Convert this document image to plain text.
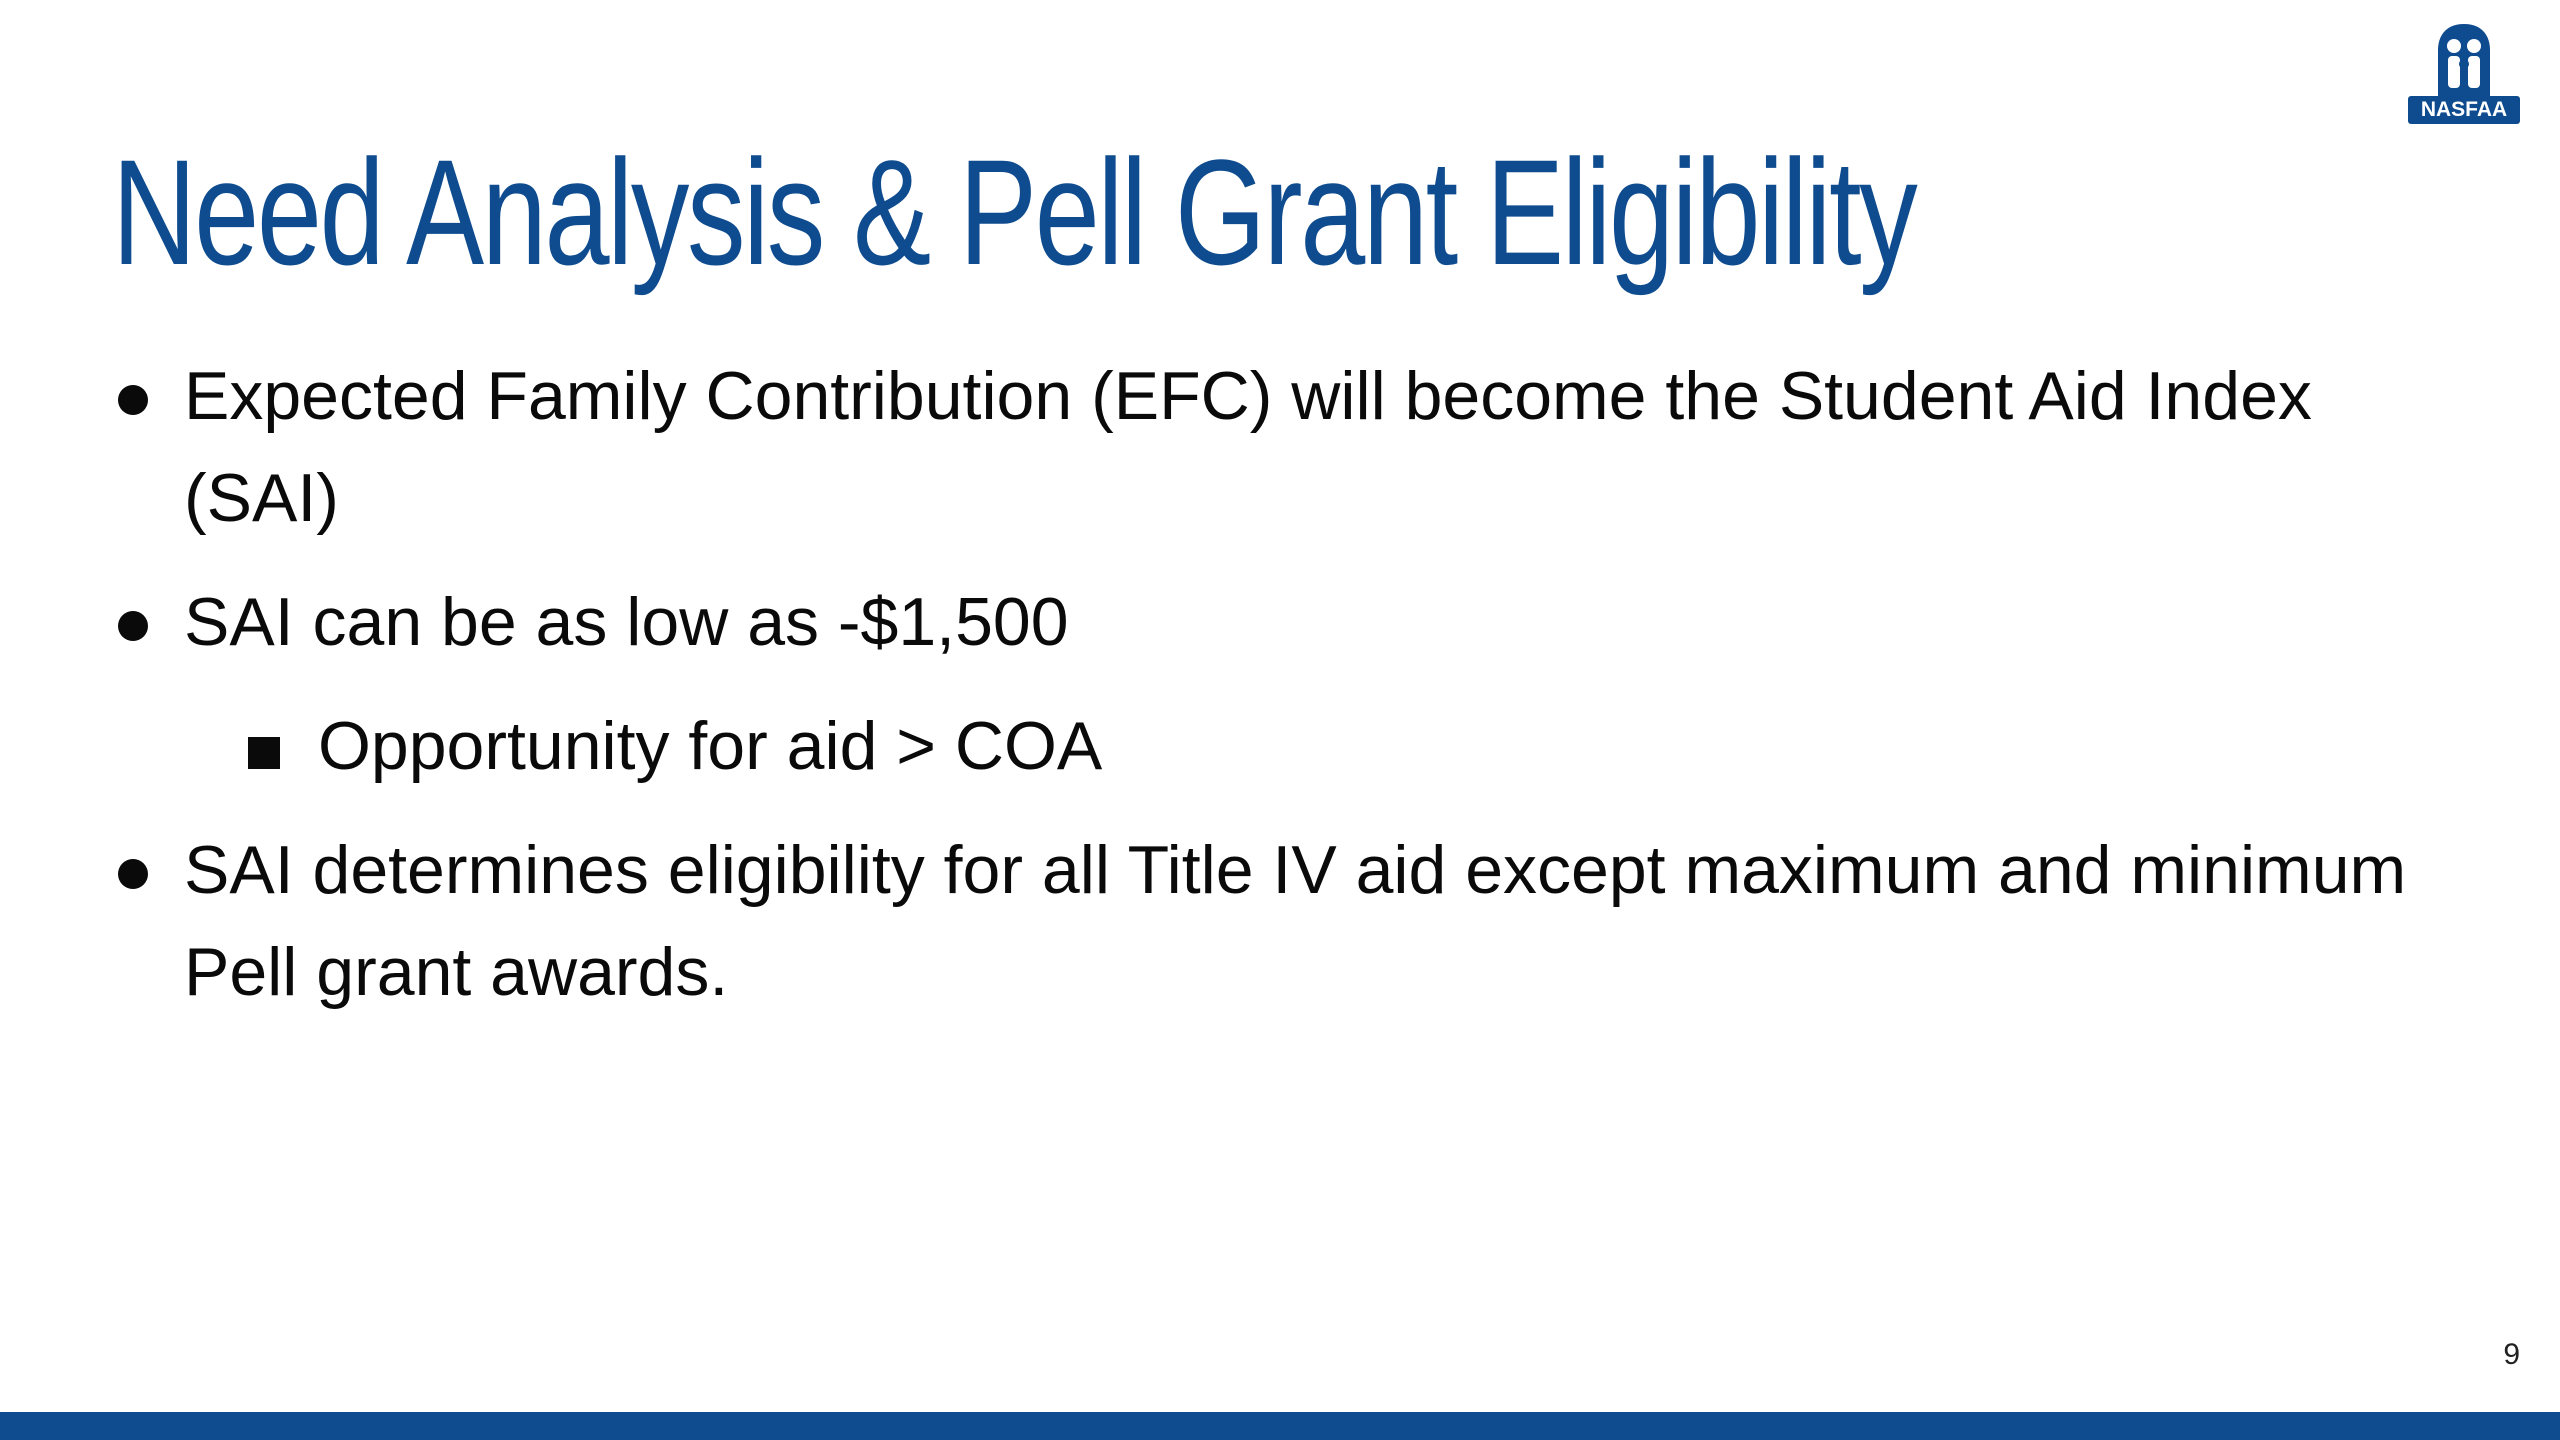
NASFAA
Need Analysis & Pell Grant Eligibility
Expected Family Contribution (EFC) will become the Student Aid Index (SAI)
SAI can be as low as -$1,500
Opportunity for aid > COA
SAI determines eligibility for all Title IV aid except maximum and minimum Pell grant awards.
9
